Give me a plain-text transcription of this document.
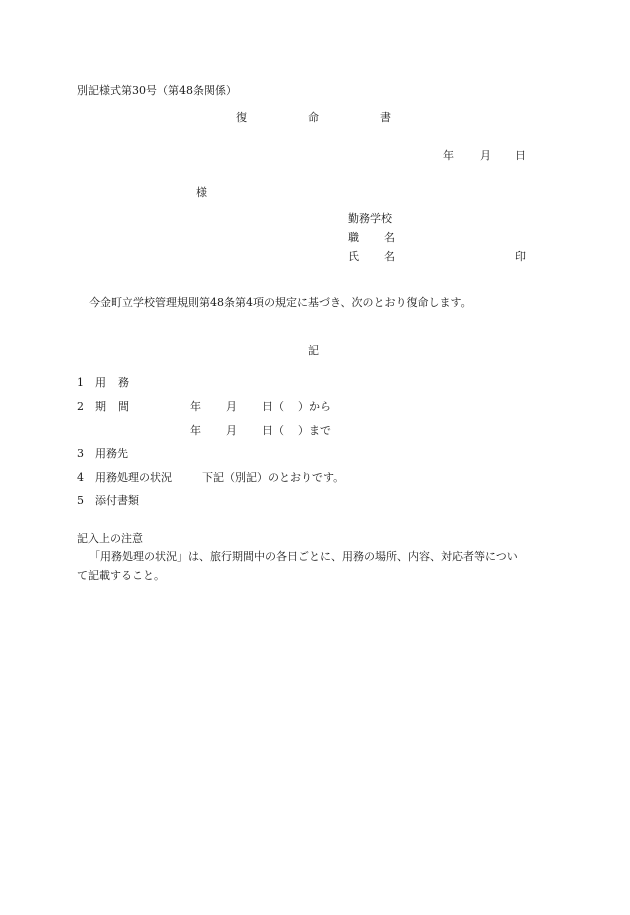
別記様式第30号（第48条関係）
復	命	書
年 月 日
様
勤務学校
職 名
氏 名	印
今金町立学校管理規則第48条第4項の規定に基づき、次のとおり復命します。
記
1 用 務
2 期 間	年 月 日（ ）から
年 月 日（ ）まで
3 用務先
4 用務処理の状況	下記（別記）のとおりです。
5 添付書類
記入上の注意
「用務処理の状況」は、旅行期間中の各日ごとに、用務の場所、内容、対応者等につい
て記載すること。
